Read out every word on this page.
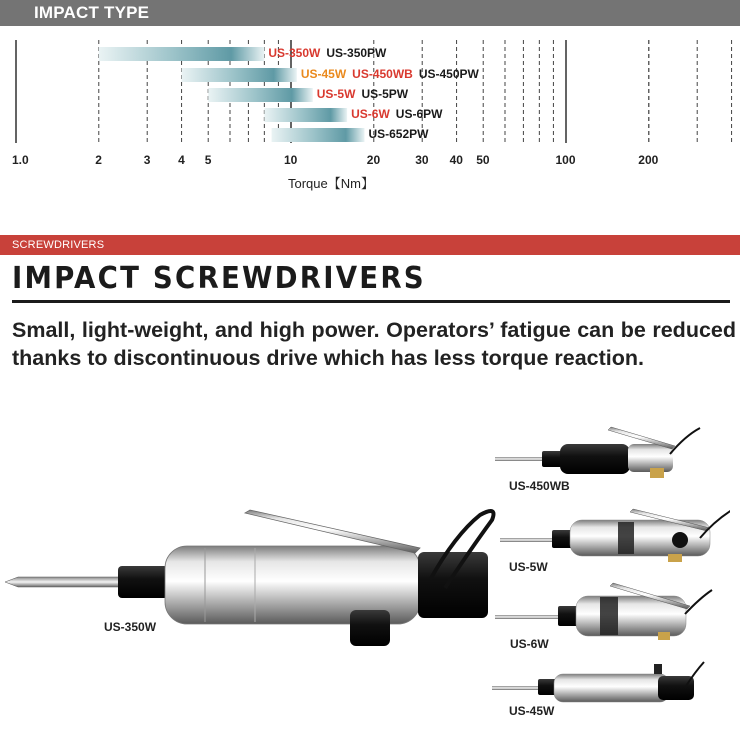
IMPACT TYPE
1.0	2	3 4 5	10	20	30 40 50	100	200
US-350W US-350PW
US-45W US-450WB US-450PW
US-5W US-5PW
US-6W US-6PW
US-652PW
Torque【Nm】
SCREWDRIVERS
IMPACT SCREWDRIVERS
Small, light-weight, and high power. Operators’ fatigue can be reduced thanks to discontinuous drive which has less torque reaction.
US-350W
US-450WB
US-5W
US-6W
US-45W
